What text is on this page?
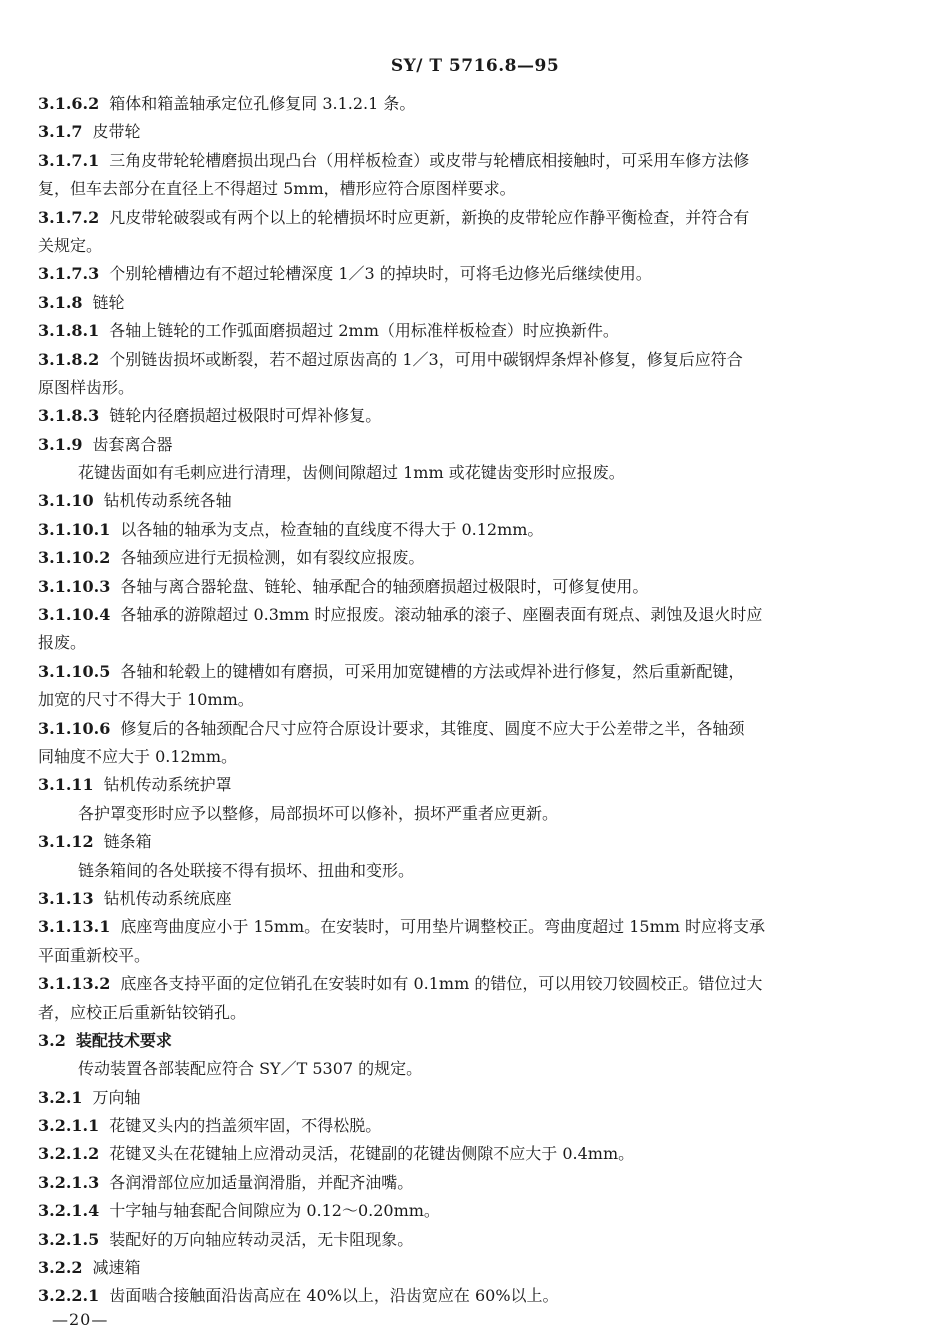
SY/ T 5716.8—95
3.1.6.2 箱体和箱盖轴承定位孔修复同 3.1.2.1 条。
3.1.7 皮带轮
3.1.7.1 三角皮带轮轮槽磨损出现凸台（用样板检查）或皮带与轮槽底相接触时，可采用车修方法修
复，但车去部分在直径上不得超过 5mm，槽形应符合原图样要求。
3.1.7.2 凡皮带轮破裂或有两个以上的轮槽损坏时应更新，新换的皮带轮应作静平衡检查，并符合有
关规定。
3.1.7.3 个别轮槽槽边有不超过轮槽深度 1／3 的掉块时，可将毛边修光后继续使用。
3.1.8 链轮
3.1.8.1 各轴上链轮的工作弧面磨损超过 2mm（用标准样板检查）时应换新件。
3.1.8.2 个别链齿损坏或断裂，若不超过原齿高的 1／3，可用中碳钢焊条焊补修复，修复后应符合
原图样齿形。
3.1.8.3 链轮内径磨损超过极限时可焊补修复。
3.1.9 齿套离合器
花键齿面如有毛刺应进行清理，齿侧间隙超过 1mm 或花键齿变形时应报废。
3.1.10 钻机传动系统各轴
3.1.10.1 以各轴的轴承为支点，检查轴的直线度不得大于 0.12mm。
3.1.10.2 各轴颈应进行无损检测，如有裂纹应报废。
3.1.10.3 各轴与离合器轮盘、链轮、轴承配合的轴颈磨损超过极限时，可修复使用。
3.1.10.4 各轴承的游隙超过 0.3mm 时应报废。滚动轴承的滚子、座圈表面有斑点、剥蚀及退火时应
报废。
3.1.10.5 各轴和轮毂上的键槽如有磨损，可采用加宽键槽的方法或焊补进行修复，然后重新配键，
加宽的尺寸不得大于 10mm。
3.1.10.6 修复后的各轴颈配合尺寸应符合原设计要求，其锥度、圆度不应大于公差带之半，各轴颈
同轴度不应大于 0.12mm。
3.1.11 钻机传动系统护罩
各护罩变形时应予以整修，局部损坏可以修补，损坏严重者应更新。
3.1.12 链条箱
链条箱间的各处联接不得有损坏、扭曲和变形。
3.1.13 钻机传动系统底座
3.1.13.1 底座弯曲度应小于 15mm。在安装时，可用垫片调整校正。弯曲度超过 15mm 时应将支承
平面重新校平。
3.1.13.2 底座各支持平面的定位销孔在安装时如有 0.1mm 的错位，可以用铰刀铰圆校正。错位过大
者，应校正后重新钻铰销孔。
3.2 装配技术要求
传动装置各部装配应符合 SY／T 5307 的规定。
3.2.1 万向轴
3.2.1.1 花键叉头内的挡盖须牢固，不得松脱。
3.2.1.2 花键叉头在花键轴上应滑动灵活，花键副的花键齿侧隙不应大于 0.4mm。
3.2.1.3 各润滑部位应加适量润滑脂，并配齐油嘴。
3.2.1.4 十字轴与轴套配合间隙应为 0.12～0.20mm。
3.2.1.5 装配好的万向轴应转动灵活，无卡阻现象。
3.2.2 减速箱
3.2.2.1 齿面啮合接触面沿齿高应在 40%以上，沿齿宽应在 60%以上。
—20—
